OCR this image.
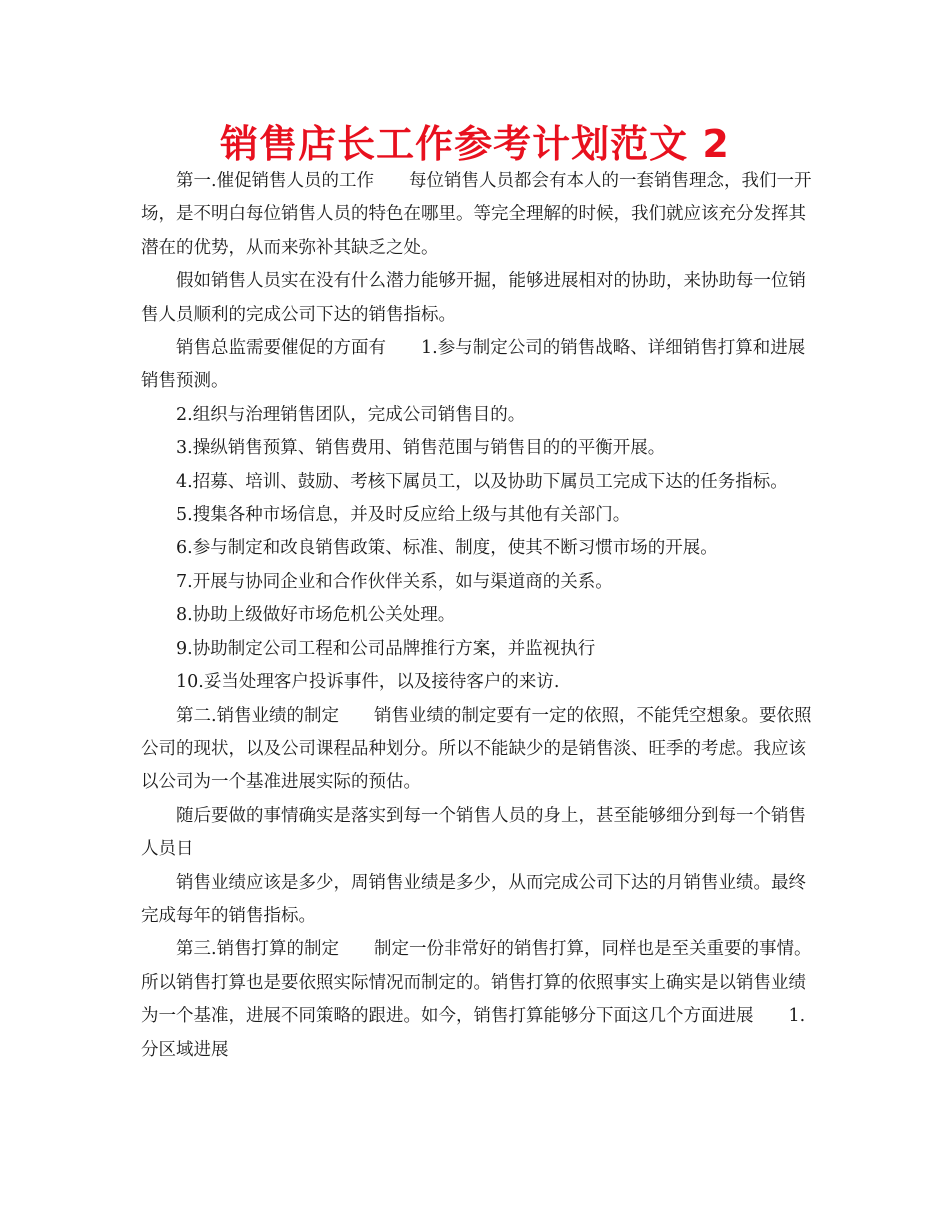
销售店长工作参考计划范文 2

第一.催促销售人员的工作　　每位销售人员都会有本人的一套销售理念，我们一开场，是不明白每位销售人员的特色在哪里。等完全理解的时候，我们就应该充分发挥其潜在的优势，从而来弥补其缺乏之处。

假如销售人员实在没有什么潜力能够开掘，能够进展相对的协助，来协助每一位销售人员顺利的完成公司下达的销售指标。

销售总监需要催促的方面有　　1.参与制定公司的销售战略、详细销售打算和进展销售预测。

2.组织与治理销售团队，完成公司销售目的。

3.操纵销售预算、销售费用、销售范围与销售目的的平衡开展。

4.招募、培训、鼓励、考核下属员工，以及协助下属员工完成下达的任务指标。

5.搜集各种市场信息，并及时反应给上级与其他有关部门。

6.参与制定和改良销售政策、标准、制度，使其不断习惯市场的开展。

7.开展与协同企业和合作伙伴关系，如与渠道商的关系。

8.协助上级做好市场危机公关处理。

9.协助制定公司工程和公司品牌推行方案，并监视执行

10.妥当处理客户投诉事件，以及接待客户的来访.

第二.销售业绩的制定　　销售业绩的制定要有一定的依照，不能凭空想象。要依照公司的现状，以及公司课程品种划分。所以不能缺少的是销售淡、旺季的考虑。我应该以公司为一个基准进展实际的预估。

随后要做的事情确实是落实到每一个销售人员的身上，甚至能够细分到每一个销售人员日

销售业绩应该是多少，周销售业绩是多少，从而完成公司下达的月销售业绩。最终完成每年的销售指标。

第三.销售打算的制定　　制定一份非常好的销售打算，同样也是至关重要的事情。所以销售打算也是要依照实际情况而制定的。销售打算的依照事实上确实是以销售业绩为一个基准，进展不同策略的跟进。如今，销售打算能够分下面这几个方面进展　　1.分区域进展
